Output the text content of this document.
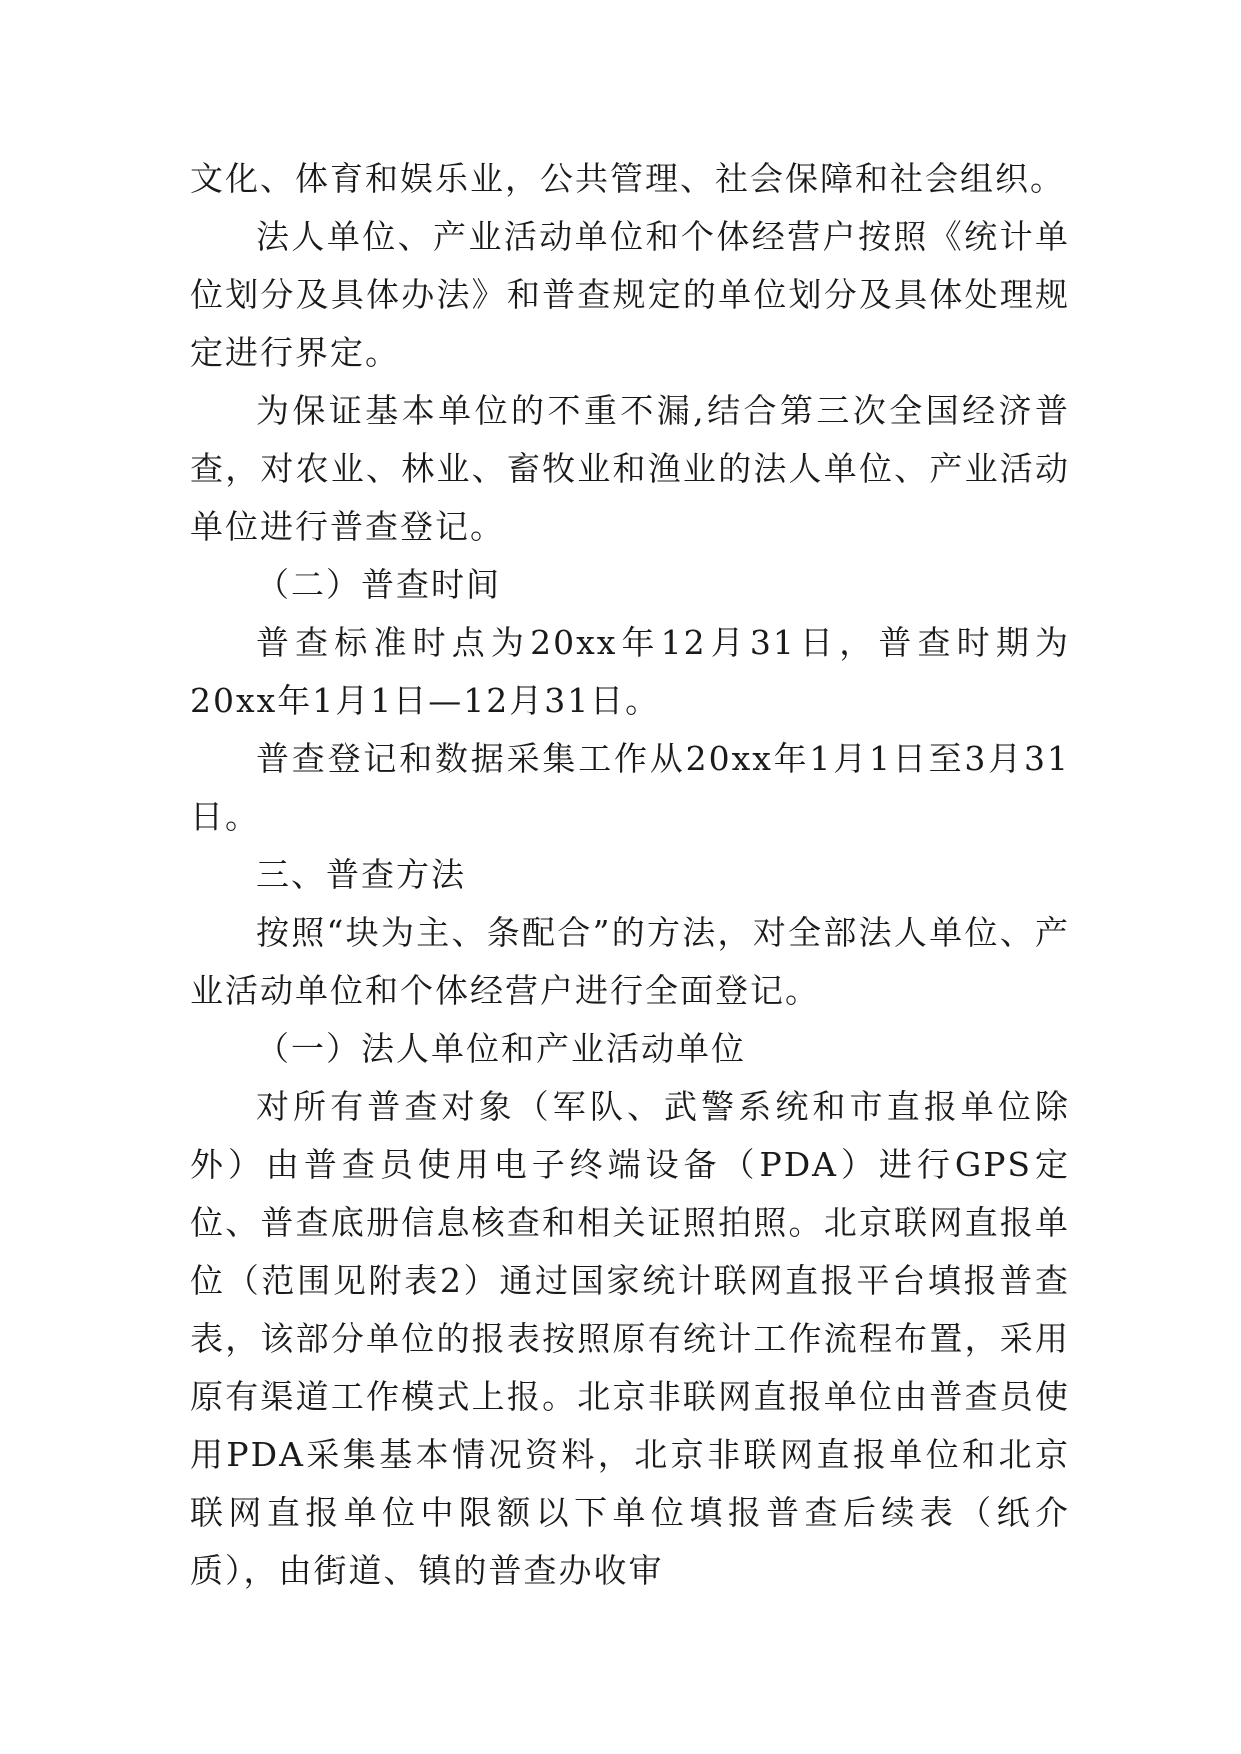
文化、体育和娱乐业，公共管理、社会保障和社会组织。

法人单位、产业活动单位和个体经营户按照《统计单位划分及具体办法》和普查规定的单位划分及具体处理规定进行界定。

为保证基本单位的不重不漏,结合第三次全国经济普查，对农业、林业、畜牧业和渔业的法人单位、产业活动单位进行普查登记。

（二）普查时间

普查标准时点为20xx年12月31日，普查时期为20xx年1月1日—12月31日。

普查登记和数据采集工作从20xx年1月1日至3月31日。

三、普查方法

按照“块为主、条配合”的方法，对全部法人单位、产业活动单位和个体经营户进行全面登记。

（一）法人单位和产业活动单位

对所有普查对象（军队、武警系统和市直报单位除外）由普查员使用电子终端设备（PDA）进行GPS定位、普查底册信息核查和相关证照拍照。北京联网直报单位（范围见附表2）通过国家统计联网直报平台填报普查表，该部分单位的报表按照原有统计工作流程布置，采用原有渠道工作模式上报。北京非联网直报单位由普查员使用PDA采集基本情况资料，北京非联网直报单位和北京联网直报单位中限额以下单位填报普查后续表（纸介质），由街道、镇的普查办收审
